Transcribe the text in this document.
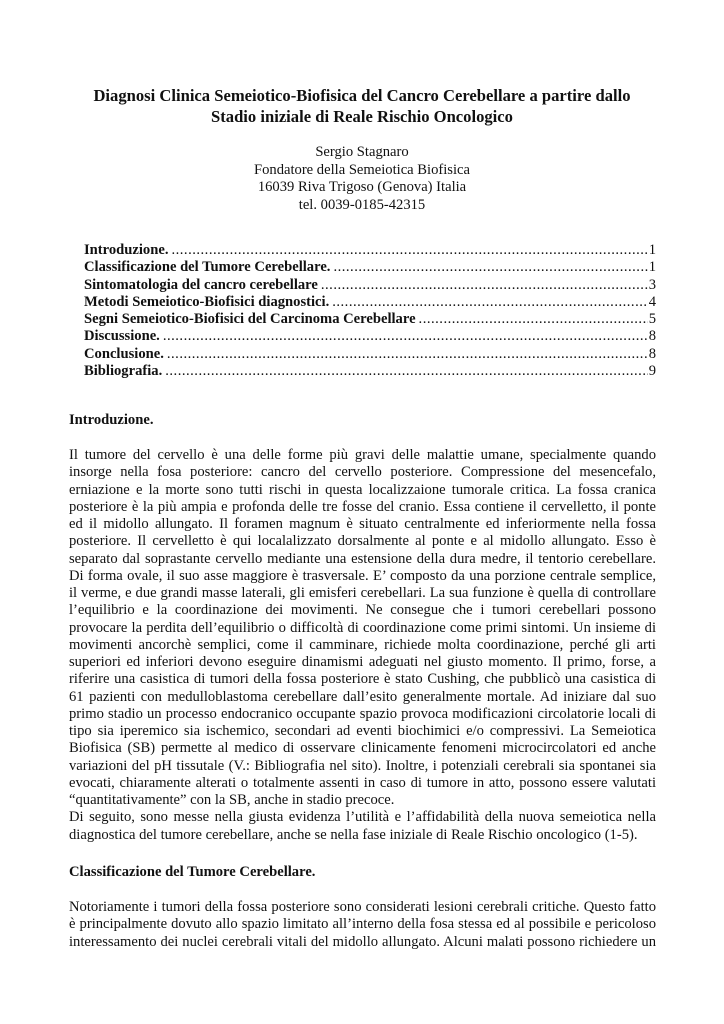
Diagnosi Clinica Semeiotico-Biofisica del Cancro Cerebellare a partire dallo
Stadio iniziale di Reale Rischio Oncologico
Sergio Stagnaro
Fondatore della Semeiotica Biofisica
16039 Riva Trigoso (Genova) Italia
tel. 0039-0185-42315
Introduzione. .....	1
Classificazione del Tumore Cerebellare. .....	1
Sintomatologia del cancro cerebellare .....	3
Metodi Semeiotico-Biofisici diagnostici. .....	4
Segni Semeiotico-Biofisici del Carcinoma Cerebellare .....	5
Discussione. .....	8
Conclusione. .....	8
Bibliografia. .....	9
Introduzione.
Il tumore del cervello è una delle forme più gravi delle malattie umane, specialmente quando
insorge nella fosa posteriore: cancro del cervello posteriore. Compressione del mesencefalo,
erniazione e la morte sono tutti rischi in questa localizzaione tumorale critica. La fossa cranica
posteriore è la più ampia e profonda delle tre fosse del cranio. Essa contiene il cervelletto, il ponte
ed il midollo allungato. Il foramen magnum è situato centralmente ed inferiormente nella fossa
posteriore. Il cervelletto è qui localalizzato dorsalmente al ponte e al midollo allungato. Esso è
separato dal soprastante cervello mediante una estensione della dura medre, il tentorio cerebellare.
Di forma ovale, il suo asse maggiore è trasversale. E’ composto da una porzione centrale semplice,
il verme, e due grandi masse laterali, gli emisferi cerebellari. La sua funzione è quella di controllare
l’equilibrio e la coordinazione dei movimenti. Ne consegue che i tumori cerebellari possono
provocare la perdita dell’equilibrio o difficoltà di coordinazione come primi sintomi. Un insieme di
movimenti ancorchè semplici, come il camminare, richiede molta coordinazione, perché gli arti
superiori ed inferiori devono eseguire dinamismi adeguati nel giusto momento. Il primo, forse, a
riferire una casistica di tumori della fossa posteriore è stato Cushing, che pubblicò una casistica di
61 pazienti con medulloblastoma cerebellare dall’esito generalmente mortale. Ad iniziare dal suo
primo stadio un processo endocranico occupante spazio provoca modificazioni circolatorie locali di
tipo sia iperemico sia ischemico, secondari ad eventi biochimici e/o compressivi. La Semeiotica
Biofisica (SB) permette al medico di osservare clinicamente fenomeni microcircolatori ed anche
variazioni del pH tissutale (V.: Bibliografia nel sito). Inoltre, i potenziali cerebrali sia spontanei sia
evocati, chiaramente alterati o totalmente assenti in caso di tumore in atto, possono essere valutati
“quantitativamente” con la SB, anche in stadio precoce.
Di seguito, sono messe nella giusta evidenza l’utilità e l’affidabilità della nuova semeiotica nella
diagnostica del tumore cerebellare, anche se nella fase iniziale di Reale Rischio oncologico (1-5).
Classificazione del Tumore Cerebellare.
Notoriamente i tumori della fossa posteriore sono considerati lesioni cerebrali critiche. Questo fatto
è principalmente dovuto allo spazio limitato all’interno della fosa stessa ed al possibile e pericoloso
interessamento dei nuclei cerebrali vitali del midollo allungato. Alcuni malati possono richiedere un
